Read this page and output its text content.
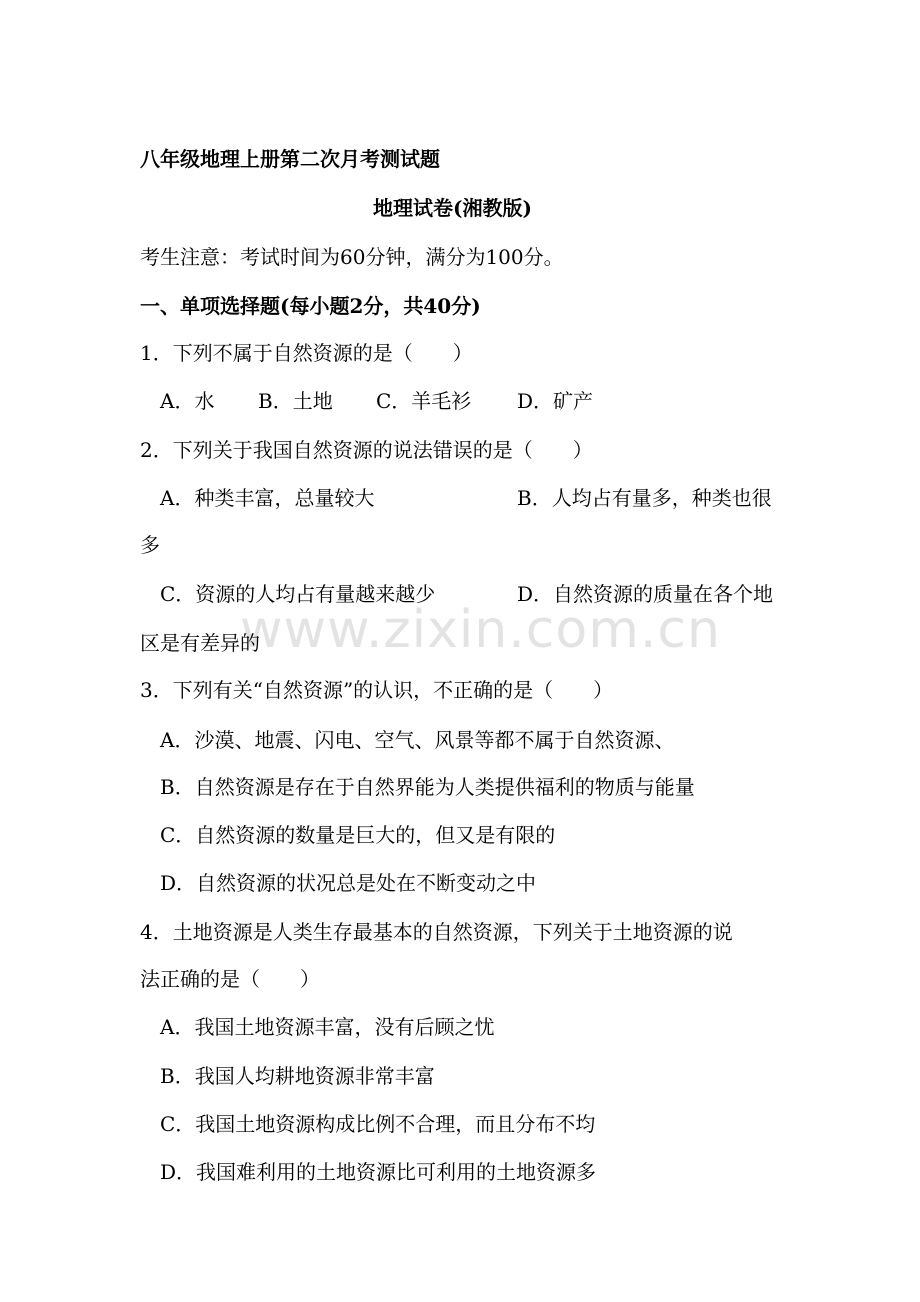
www.zixin.com.cn
八年级地理上册第二次月考测试题
地理试卷(湘教版)
考生注意：考试时间为60分钟，满分为100分。
一、单项选择题(每小题2分，共40分)
1．下列不属于自然资源的是（　　）
A．水 B．土地 C．羊毛衫 D．矿产
2．下列关于我国自然资源的说法错误的是（　　）
A．种类丰富，总量较大	B．人均占有量多，种类也很
多
C．资源的人均占有量越来越少	D．自然资源的质量在各个地
区是有差异的
3．下列有关“自然资源”的认识，不正确的是（　　）
A．沙漠、地震、闪电、空气、风景等都不属于自然资源、
B．自然资源是存在于自然界能为人类提供福利的物质与能量
C．自然资源的数量是巨大的，但又是有限的
D．自然资源的状况总是处在不断变动之中
4．土地资源是人类生存最基本的自然资源，下列关于土地资源的说
法正确的是（　　）
A．我国土地资源丰富，没有后顾之忧
B．我国人均耕地资源非常丰富
C．我国土地资源构成比例不合理，而且分布不均
D．我国难利用的土地资源比可利用的土地资源多
